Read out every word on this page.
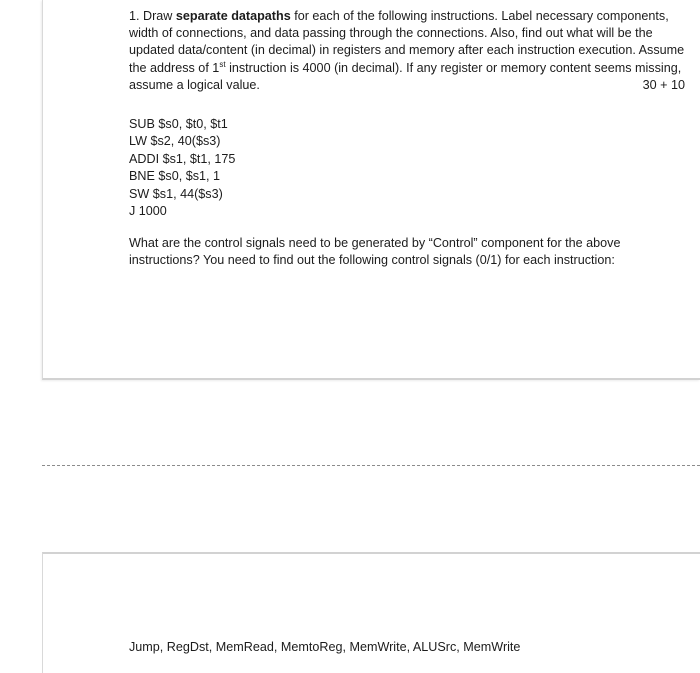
1. Draw separate datapaths for each of the following instructions. Label necessary components, width of connections, and data passing through the connections. Also, find out what will be the updated data/content (in decimal) in registers and memory after each instruction execution. Assume the address of 1st instruction is 4000 (in decimal). If any register or memory content seems missing, assume a logical value.	30 + 10

SUB $s0, $t0, $t1
LW $s2, 40($s3)
ADDI $s1, $t1, 175
BNE $s0, $s1, 1
SW $s1, 44($s3)
J 1000

What are the control signals need to be generated by “Control” component for the above instructions? You need to find out the following control signals (0/1) for each instruction:

Jump, RegDst, MemRead, MemtoReg, MemWrite, ALUSrc, MemWrite
